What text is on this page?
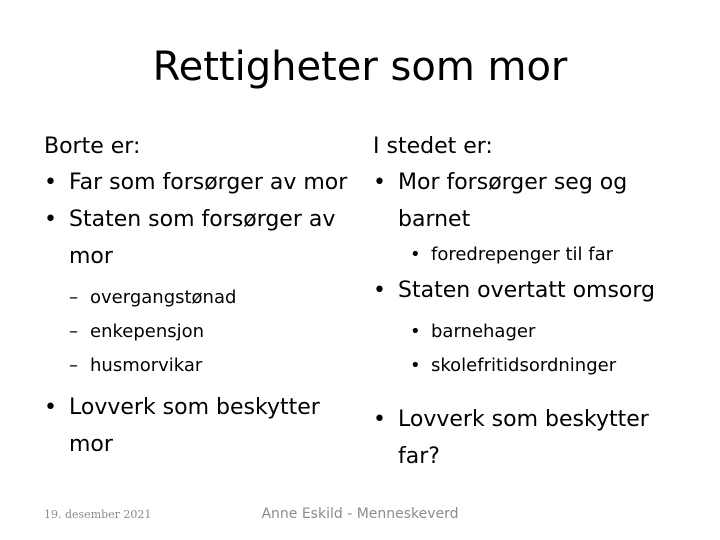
Rettigheter som mor
Borte er:
• Far som forsørger av mor
• Staten som forsørger av mor
– overgangstønad
– enkepensjon
– husmorvikar
• Lovverk som beskytter mor
I stedet er:
• Mor forsørger seg og barnet
• foredrepenger til far
• Staten overtatt omsorg
• barnehager
• skolefritidsordninger
• Lovverk som beskytter far?
19. desember 2021	Anne Eskild - Menneskeverd
